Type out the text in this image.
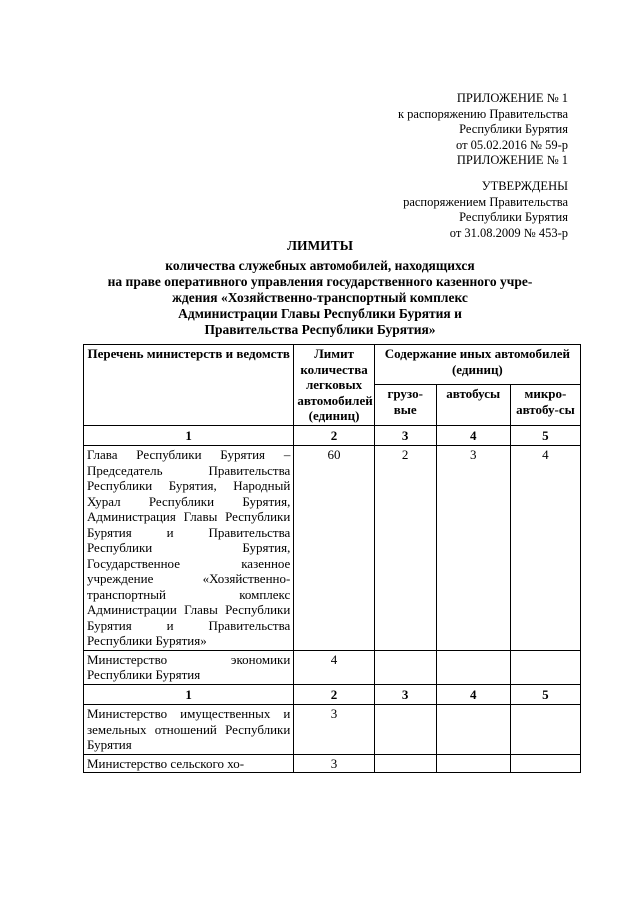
ПРИЛОЖЕНИЕ № 1
к распоряжению Правительства
Республики Бурятия
от 05.02.2016 № 59-р
ПРИЛОЖЕНИЕ № 1
УТВЕРЖДЕНЫ
распоряжением Правительства
Республики Бурятия
от 31.08.2009 № 453-р
ЛИМИТЫ
количества служебных автомобилей, находящихся
на праве оперативного управления государственного казенного учре-
ждения «Хозяйственно-транспортный комплекс
Администрации Главы Республики Бурятия и
Правительства Республики Бурятия»
Перечень министерств и ведомств	Лимит количества легковых автомобилей (единиц)	Содержание иных автомобилей (единиц)		
		грузо-вые	автобусы	микро-автобу-сы
1	2	3	4	5
Глава Республики Бурятия – Председатель Правительства Республики Бурятия, Народный Хурал Республики Бурятия, Администрация Главы Республики Бурятия и Правительства Республики Бурятия, Государственное казенное учреждение «Хозяйственно-транспортный комплекс Администрации Главы Республики Бурятия и Правительства Республики Бурятия»	60	2	3	4
Министерство экономики Республики Бурятия	4			
1	2	3	4	5
Министерство имущественных и земельных отношений Республики Бурятия	3			
Министерство сельского хо-	3			
